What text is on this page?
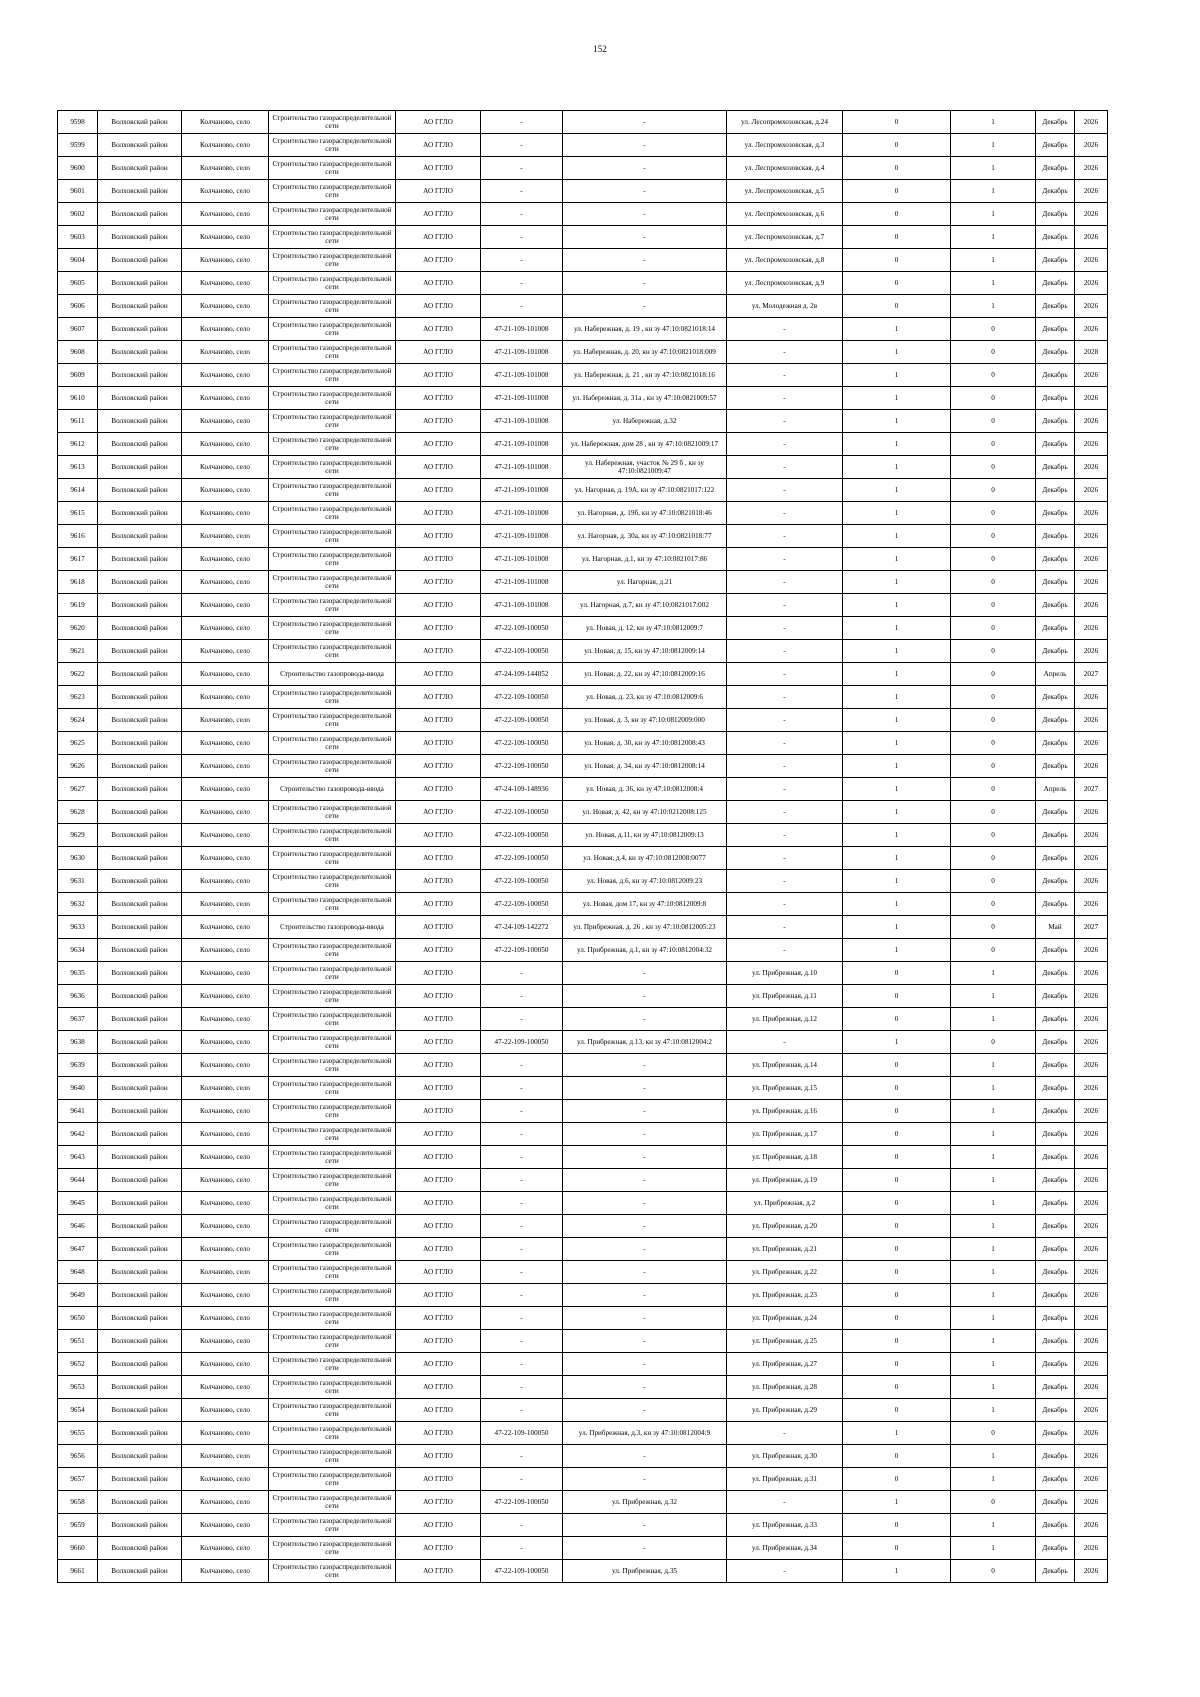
152
9598	Волховский район	Колчаново, село	Строительство газораспределительной сети	АО ГГЛО	-	-	ул. Лесопромхозовская, д.24	0	1	Декабрь	2026
9599	Волховский район	Колчаново, село	Строительство газораспределительной сети	АО ГГЛО	-	-	ул. Леспромхозовская, д.3	0	1	Декабрь	2026
9600	Волховский район	Колчаново, село	Строительство газораспределительной сети	АО ГГЛО	-	-	ул. Леспромхозовская, д.4	0	1	Декабрь	2026
9601	Волховский район	Колчаново, село	Строительство газораспределительной сети	АО ГГЛО	-	-	ул. Леспромхозовская, д.5	0	1	Декабрь	2026
9602	Волховский район	Колчаново, село	Строительство газораспределительной сети	АО ГГЛО	-	-	ул. Леспромхозовская, д.6	0	1	Декабрь	2026
9603	Волховский район	Колчаново, село	Строительство газораспределительной сети	АО ГГЛО	-	-	ул. Леспромхозовская, д.7	0	1	Декабрь	2026
9604	Волховский район	Колчаново, село	Строительство газораспределительной сети	АО ГГЛО	-	-	ул. Леспромхозовская, д.8	0	1	Декабрь	2026
9605	Волховский район	Колчаново, село	Строительство газораспределительной сети	АО ГГЛО	-	-	ул. Леспромхозовская, д.9	0	1	Декабрь	2026
9606	Волховский район	Колчаново, село	Строительство газораспределительной сети	АО ГГЛО	-	-	ул. Молодежная д. 2в	0	1	Декабрь	2026
9607	Волховский район	Колчаново, село	Строительство газораспределительной сети	АО ГГЛО	47-21-109-101008	ул. Набережная, д. 19 , кн зу 47:10:0821018:14	-	1	0	Декабрь	2026
9608	Волховский район	Колчаново, село	Строительство газораспределительной сети	АО ГГЛО	47-21-109-101008	ул. Набережная, д. 20, кн зу 47:10:0821018:009	-	1	0	Декабрь	2028
9609	Волховский район	Колчаново, село	Строительство газораспределительной сети	АО ГГЛО	47-21-109-101008	ул. Набережная, д. 21 , кн зу 47:10:0821018:16	-	1	0	Декабрь	2026
9610	Волховский район	Колчаново, село	Строительство газораспределительной сети	АО ГГЛО	47-21-109-101008	ул. Набережная, д. 31а , кн зу 47:10:0821009:57	-	1	0	Декабрь	2026
9611	Волховский район	Колчаново, село	Строительство газораспределительной сети	АО ГГЛО	47-21-109-101008	ул. Набережная, д.32	-	1	0	Декабрь	2026
9612	Волховский район	Колчаново, село	Строительство газораспределительной сети	АО ГГЛО	47-21-109-101008	ул. Набережная, дом 28 , кн зу 47:10:0821009:17	-	1	0	Декабрь	2026
9613	Волховский район	Колчаново, село	Строительство газораспределительной сети	АО ГГЛО	47-21-109-101008	ул. Набережная, участок № 29 б , кн зу 47:10:0821009:47	-	1	0	Декабрь	2026
9614	Волховский район	Колчаново, село	Строительство газораспределительной сети	АО ГГЛО	47-21-109-101008	ул. Нагорная, д. 19А, кн зу 47:10:0821017:122	-	1	0	Декабрь	2026
9615	Волховский район	Колчаново, село	Строительство газораспределительной сети	АО ГГЛО	47-21-109-101008	ул. Нагорная, д. 19б, кн зу 47:10:0821018:46	-	1	0	Декабрь	2026
9616	Волховский район	Колчаново, село	Строительство газораспределительной сети	АО ГГЛО	47-21-109-101008	ул. Нагорная, д. 30а, кн зу 47:10:0821018:77	-	1	0	Декабрь	2026
9617	Волховский район	Колчаново, село	Строительство газораспределительной сети	АО ГГЛО	47-21-109-101008	ул. Нагорная, д.1, кн зу 47:10:0821017:86	-	1	0	Декабрь	2026
9618	Волховский район	Колчаново, село	Строительство газораспределительной сети	АО ГГЛО	47-21-109-101008	ул. Нагорная, д.21	-	1	0	Декабрь	2026
9619	Волховский район	Колчаново, село	Строительство газораспределительной сети	АО ГГЛО	47-21-109-101008	ул. Нагорная, д.7, кн зу 47:10:0821017:002	-	1	0	Декабрь	2026
9620	Волховский район	Колчаново, село	Строительство газораспределительной сети	АО ГГЛО	47-22-109-100050	ул. Новая, д. 12, кн зу 47:10:0812009:7	-	1	0	Декабрь	2026
9621	Волховский район	Колчаново, село	Строительство газораспределительной сети	АО ГГЛО	47-22-109-100050	ул. Новая, д. 15, кн зу 47:10:0812009:14	-	1	0	Декабрь	2026
9622	Волховский район	Колчаново, село	Строительство газопровода-ввода	АО ГГЛО	47-24-109-144852	ул. Новая, д. 22, кн зу 47:10:0812009:16	-	1	0	Апрель	2027
9623	Волховский район	Колчаново, село	Строительство газораспределительной сети	АО ГГЛО	47-22-109-100050	ул. Новая, д. 23, кн зу 47:10:0812009:6	-	1	0	Декабрь	2026
9624	Волховский район	Колчаново, село	Строительство газораспределительной сети	АО ГГЛО	47-22-109-100050	ул. Новая, д. 3, кн зу 47:10:0812009:000	-	1	0	Декабрь	2026
9625	Волховский район	Колчаново, село	Строительство газораспределительной сети	АО ГГЛО	47-22-109-100050	ул. Новая, д. 30, кн зу 47:10:0812008:43	-	1	0	Декабрь	2026
9626	Волховский район	Колчаново, село	Строительство газораспределительной сети	АО ГГЛО	47-22-109-100050	ул. Новая, д. 34, кн зу 47:10:0812008:14	-	1	0	Декабрь	2026
9627	Волховский район	Колчаново, село	Строительство газопровода-ввода	АО ГГЛО	47-24-109-148936	ул. Новая, д. 36, кн зу 47:10:0812008:4	-	1	0	Апрель	2027
9628	Волховский район	Колчаново, село	Строительство газораспределительной сети	АО ГГЛО	47-22-109-100050	ул. Новая, д. 42, кн зу 47:10:0212008:125	-	1	0	Декабрь	2026
9629	Волховский район	Колчаново, село	Строительство газораспределительной сети	АО ГГЛО	47-22-109-100050	ул. Новая, д.11, кн зу 47:10:0812009:13	-	1	0	Декабрь	2026
9630	Волховский район	Колчаново, село	Строительство газораспределительной сети	АО ГГЛО	47-22-109-100050	ул. Новая, д.4, кн зу 47:10:0812008:0077	-	1	0	Декабрь	2026
9631	Волховский район	Колчаново, село	Строительство газораспределительной сети	АО ГГЛО	47-22-109-100050	ул. Новая, д.6, кн зу 47:10:0812009:23	-	1	0	Декабрь	2026
9632	Волховский район	Колчаново, село	Строительство газораспределительной сети	АО ГГЛО	47-22-109-100050	ул. Новая, дом 17, кн зу 47:10:0812009:8	-	1	0	Декабрь	2026
9633	Волховский район	Колчаново, село	Строительство газопровода-ввода	АО ГГЛО	47-24-109-142272	ул. Прибрежная, д. 26 , кн зу 47:10:0812005:23	-	1	0	Май	2027
9634	Волховский район	Колчаново, село	Строительство газораспределительной сети	АО ГГЛО	47-22-109-100050	ул. Прибрежная, д.1, кн зу 47:10:0812004:32	-	1	0	Декабрь	2026
9635	Волховский район	Колчаново, село	Строительство газораспределительной сети	АО ГГЛО	-	-	ул. Прибрежная, д.10	0	1	Декабрь	2026
9636	Волховский район	Колчаново, село	Строительство газораспределительной сети	АО ГГЛО	-	-	ул. Прибрежная, д.11	0	1	Декабрь	2026
9637	Волховский район	Колчаново, село	Строительство газораспределительной сети	АО ГГЛО	-	-	ул. Прибрежная, д.12	0	1	Декабрь	2026
9638	Волховский район	Колчаново, село	Строительство газораспределительной сети	АО ГГЛО	47-22-109-100050	ул. Прибрежная, д.13, кн зу 47:10:0812004:2	-	1	0	Декабрь	2026
9639	Волховский район	Колчаново, село	Строительство газораспределительной сети	АО ГГЛО	-	-	ул. Прибрежная, д.14	0	1	Декабрь	2026
9640	Волховский район	Колчаново, село	Строительство газораспределительной сети	АО ГГЛО	-	-	ул. Прибрежная, д.15	0	1	Декабрь	2026
9641	Волховский район	Колчаново, село	Строительство газораспределительной сети	АО ГГЛО	-	-	ул. Прибрежная, д.16	0	1	Декабрь	2026
9642	Волховский район	Колчаново, село	Строительство газораспределительной сети	АО ГГЛО	-	-	ул. Прибрежная, д.17	0	1	Декабрь	2026
9643	Волховский район	Колчаново, село	Строительство газораспределительной сети	АО ГГЛО	-	-	ул. Прибрежная, д.18	0	1	Декабрь	2026
9644	Волховский район	Колчаново, село	Строительство газораспределительной сети	АО ГГЛО	-	-	ул. Прибрежная, д.19	0	1	Декабрь	2026
9645	Волховский район	Колчаново, село	Строительство газораспределительной сети	АО ГГЛО	-	-	ул. Прибрежная, д.2	0	1	Декабрь	2026
9646	Волховский район	Колчаново, село	Строительство газораспределительной сети	АО ГГЛО	-	-	ул. Прибрежная, д.20	0	1	Декабрь	2026
9647	Волховский район	Колчаново, село	Строительство газораспределительной сети	АО ГГЛО	-	-	ул. Прибрежная, д.21	0	1	Декабрь	2026
9648	Волховский район	Колчаново, село	Строительство газораспределительной сети	АО ГГЛО	-	-	ул. Прибрежная, д.22	0	1	Декабрь	2026
9649	Волховский район	Колчаново, село	Строительство газораспределительной сети	АО ГГЛО	-	-	ул. Прибрежная, д.23	0	1	Декабрь	2026
9650	Волховский район	Колчаново, село	Строительство газораспределительной сети	АО ГГЛО	-	-	ул. Прибрежная, д.24	0	1	Декабрь	2026
9651	Волховский район	Колчаново, село	Строительство газораспределительной сети	АО ГГЛО	-	-	ул. Прибрежная, д.25	0	1	Декабрь	2026
9652	Волховский район	Колчаново, село	Строительство газораспределительной сети	АО ГГЛО	-	-	ул. Прибрежная, д.27	0	1	Декабрь	2026
9653	Волховский район	Колчаново, село	Строительство газораспределительной сети	АО ГГЛО	-	-	ул. Прибрежная, д.28	0	1	Декабрь	2026
9654	Волховский район	Колчаново, село	Строительство газораспределительной сети	АО ГГЛО	-	-	ул. Прибрежная, д.29	0	1	Декабрь	2026
9655	Волховский район	Колчаново, село	Строительство газораспределительной сети	АО ГГЛО	47-22-109-100050	ул. Прибрежная, д.3, кн зу 47:10:0812004:9	-	1	0	Декабрь	2026
9656	Волховский район	Колчаново, село	Строительство газораспределительной сети	АО ГГЛО	-	-	ул. Прибрежная, д.30	0	1	Декабрь	2026
9657	Волховский район	Колчаново, село	Строительство газораспределительной сети	АО ГГЛО	-	-	ул. Прибрежная, д.31	0	1	Декабрь	2026
9658	Волховский район	Колчаново, село	Строительство газораспределительной сети	АО ГГЛО	47-22-109-100050	ул. Прибрежная, д.32	-	1	0	Декабрь	2026
9659	Волховский район	Колчаново, село	Строительство газораспределительной сети	АО ГГЛО	-	-	ул. Прибрежная, д.33	0	1	Декабрь	2026
9660	Волховский район	Колчаново, село	Строительство газораспределительной сети	АО ГГЛО	-	-	ул. Прибрежная, д.34	0	1	Декабрь	2026
9661	Волховский район	Колчаново, село	Строительство газораспределительной сети	АО ГГЛО	47-22-109-100050	ул. Прибрежная, д.35	-	1	0	Декабрь	2026
